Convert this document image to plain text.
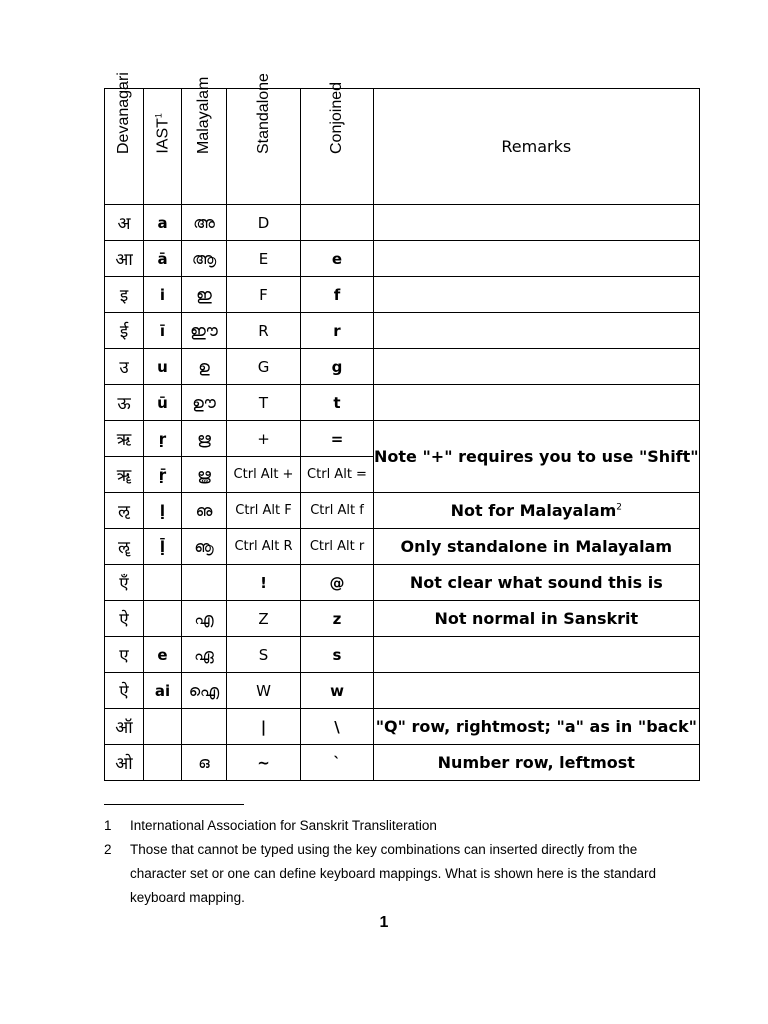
Devanagari	IAST$^1$	Malayalam	Standalone	Conjoined	Remarks
अ	a	അ	D		
आ	ā	ആ	E	e	
इ	i	ഇ	F	f	
ई	ī	ഈ	R	r	
उ	u	ഉ	G	g	
ऊ	ū	ഊ	T	t	
ऋ	ṛ	ഋ	+	=	Note "+" requires you to use "Shift"
ॠ	ṝ	ൠ	Ctrl Alt +	Ctrl Alt =	
ऌ	ḷ	ഌ	Ctrl Alt F	Ctrl Alt f	Not for Malayalam$^2$
ॡ	ḹ	ൡ	Ctrl Alt R	Ctrl Alt r	Only standalone in Malayalam
एँ			!	@	Not clear what sound this is
ऐ		എ	Z	z	Not normal in Sanskrit
ए	e	ഏ	S	s	
ऐ	ai	ഐ	W	w	
ऑ			|	\	"Q" row, rightmost; "a" as in "back"
ओ		ഒ	~	`	Number row, leftmost
1 International Association for Sanskrit Transliteration
2 Those that cannot be typed using the key combinations can inserted directly from the character set or one can define keyboard mappings. What is shown here is the standard keyboard mapping.
1
